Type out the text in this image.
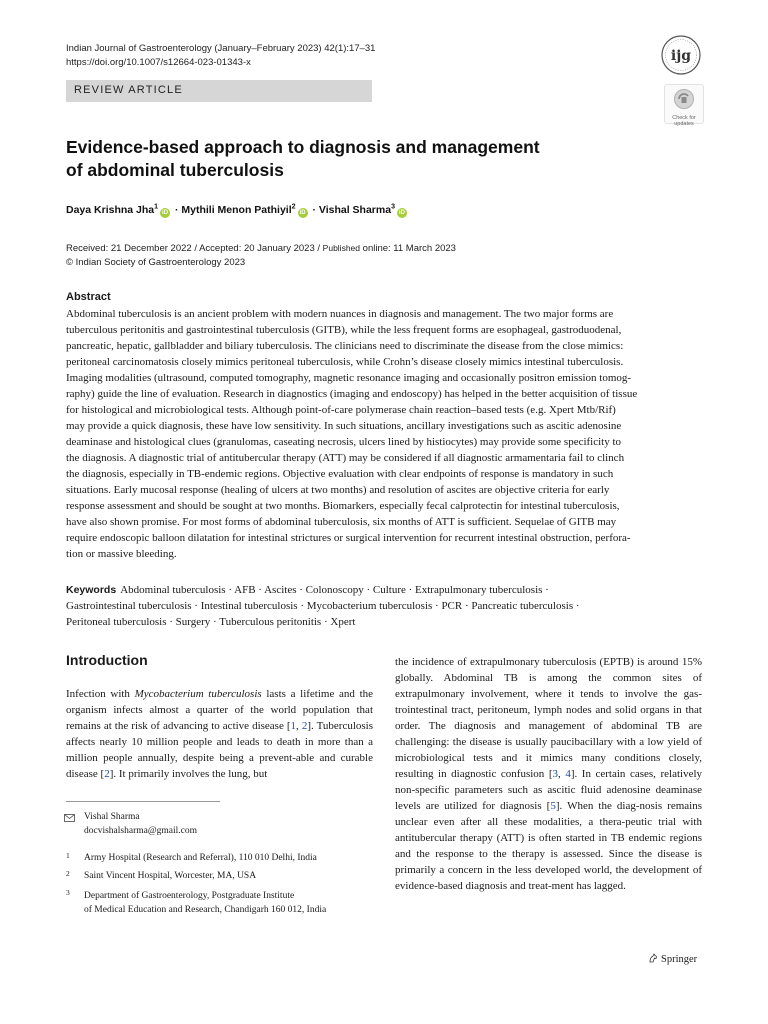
Indian Journal of Gastroenterology (January–February 2023) 42(1):17–31
https://doi.org/10.1007/s12664-023-01343-x	ijg
REVIEW ARTICLE
Check for
updates
Evidence-based approach to diagnosis and management
of abdominal tuberculosis
Daya Krishna Jha$^1$iD · Mythili Menon Pathiyil$^2$iD · Vishal Sharma$^3$iD
Received: 21 December 2022 / Accepted: 20 January 2023 / Published online: 11 March 2023
© Indian Society of Gastroenterology 2023
Abstract
Abdominal tuberculosis is an ancient problem with modern nuances in diagnosis and management. The two major forms are
tuberculous peritonitis and gastrointestinal tuberculosis (GITB), while the less frequent forms are esophageal, gastroduodenal,
pancreatic, hepatic, gallbladder and biliary tuberculosis. The clinicians need to discriminate the disease from the close mimics:
peritoneal carcinomatosis closely mimics peritoneal tuberculosis, while Crohn’s disease closely mimics intestinal tuberculosis.
Imaging modalities (ultrasound, computed tomography, magnetic resonance imaging and occasionally positron emission tomog-
raphy) guide the line of evaluation. Research in diagnostics (imaging and endoscopy) has helped in the better acquisition of tissue
for histological and microbiological tests. Although point-of-care polymerase chain reaction–based tests (e.g. Xpert Mtb/Rif)
may provide a quick diagnosis, these have low sensitivity. In such situations, ancillary investigations such as ascitic adenosine
deaminase and histological clues (granulomas, caseating necrosis, ulcers lined by histiocytes) may provide some specificity to
the diagnosis. A diagnostic trial of antitubercular therapy (ATT) may be considered if all diagnostic armamentaria fail to clinch
the diagnosis, especially in TB-endemic regions. Objective evaluation with clear endpoints of response is mandatory in such
situations. Early mucosal response (healing of ulcers at two months) and resolution of ascites are objective criteria for early
response assessment and should be sought at two months. Biomarkers, especially fecal calprotectin for intestinal tuberculosis,
have also shown promise. For most forms of abdominal tuberculosis, six months of ATT is sufficient. Sequelae of GITB may
require endoscopic balloon dilatation for intestinal strictures or surgical intervention for recurrent intestinal obstruction, perfora-
tion or massive bleeding.
Keywords Abdominal tuberculosis · AFB · Ascites · Colonoscopy · Culture · Extrapulmonary tuberculosis ·
Gastrointestinal tuberculosis · Intestinal tuberculosis · Mycobacterium tuberculosis · PCR · Pancreatic tuberculosis ·
Peritoneal tuberculosis · Surgery · Tuberculous peritonitis · Xpert
Introduction
Infection with Mycobacterium tuberculosis lasts a lifetime and the organism infects almost a quarter of the world population that remains at the risk of advancing to active disease [1, 2]. Tuberculosis affects nearly 10 million people and leads to death in more than a million people annually, despite being a prevent-able and curable disease [2]. It primarily involves the lung, but
the incidence of extrapulmonary tuberculosis (EPTB) is around 15% globally. Abdominal TB is among the common sites of extrapulmonary involvement, where it tends to involve the gas-trointestinal tract, peritoneum, lymph nodes and solid organs in that order. The diagnosis and management of abdominal TB are challenging: the disease is usually paucibacillary with a low yield of microbiological tests and it mimics many conditions closely, resulting in diagnostic confusion [3, 4]. In certain cases, relatively non-specific parameters such as ascitic fluid adenosine deaminase levels are utilized for diagnosis [5]. When the diag-nosis remains unclear even after all these modalities, a thera-peutic trial with antitubercular therapy (ATT) is often started in TB endemic regions and the response to the therapy is assessed. Since the disease is primarily a concern in the less developed world, the development of evidence-based diagnosis and treat-ment has lagged.
Vishal Sharma
docvishalsharma@gmail.com
1 Army Hospital (Research and Referral), 110 010 Delhi, India
2 Saint Vincent Hospital, Worcester, MA, USA
3 Department of Gastroenterology, Postgraduate Institute
of Medical Education and Research, Chandigarh 160 012, India
Springer
